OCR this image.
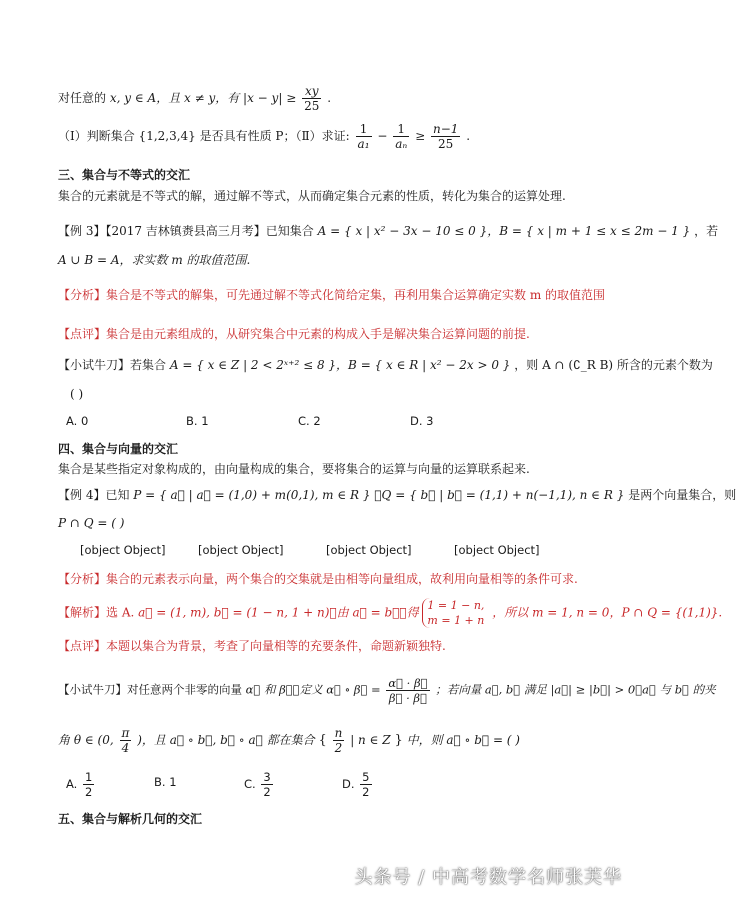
对任意的 x, y ∈ A，且 x ≠ y，有 $|x - y| \ge \frac{xy}{25}$ .
（Ⅰ）判断集合 {1,2,3,4} 是否具有性质 P；（Ⅱ）求证: $\frac{1}{\text{a₁}} - \frac{1}{\text{aₙ}} \ge \frac{n-1}{25}$ .
三、集合与不等式的交汇
集合的元素就是不等式的解，通过解不等式，从而确定集合元素的性质，转化为集合的运算处理.
【例 3】【2017 吉林镇赉县高三月考】已知集合 A = { x | x² − 3x − 10 ≤ 0 }，B = { x | m + 1 ≤ x ≤ 2m − 1 } ，若
A ∪ B = A，求实数 m 的取值范围.
【分析】集合是不等式的解集，可先通过解不等式化简给定集，再利用集合运算确定实数 m 的取值范围
【点评】集合是由元素组成的，从研究集合中元素的构成入手是解决集合运算问题的前提.
【小试牛刀】若集合 A = { x ∈ Z | 2 < 2ˣ⁺² ≤ 8 }，B = { x ∈ R | x² − 2x > 0 } ，则 A ∩ (∁_R B) 所含的元素个数为
( )
A. 0	B. 1	C. 2	D. 3
四、集合与向量的交汇
集合是某些指定对象构成的，由向量构成的集合，要将集合的运算与向量的运算联系起来.
【例 4】已知 P = { a⃗ | a⃗ = (1,0) + m(0,1), m ∈ R } ，Q = { b⃗ | b⃗ = (1,1) + n(−1,1), n ∈ R } 是两个向量集合，则
P ∩ Q = ( )
[object Object]	[object Object]	[object Object]	[object Object]
【分析】集合的元素表示向量，两个集合的交集就是由相等向量组成，故利用向量相等的条件可求.
【解析】选 A. a⃗ = (1, m), b⃗ = (1 − n, 1 + n)，由 a⃗ = b⃗，得 1 = 1 − n,
m = 1 + n ，所以 m = 1, n = 0，P ∩ Q = {(1,1)}.
【点评】本题以集合为背景，考查了向量相等的充要条件，命题新颖独特.
【小试牛刀】对任意两个非零的向量 α⃗ 和 β⃗，定义 α⃗ ∘ β⃗ = $\frac{\alpha⃗ \cdot \beta⃗}{\beta⃗ \cdot \beta⃗}$ ；若向量 a⃗, b⃗ 满足 |a⃗| ≥ |b⃗| > 0，a⃗ 与 b⃗ 的夹
角 θ ∈ (0, $\frac{\pi}{4}$ )，且 a⃗ ∘ b⃗, b⃗ ∘ a⃗ 都在集合 { $\frac{n}{2}$ | n ∈ Z } 中，则 a⃗ ∘ b⃗ = ( )
A. $\frac{1}{2}$	B. 1	C. $\frac{3}{2}$	D. $\frac{5}{2}$
五、集合与解析几何的交汇
头条号 / 中高考数学名师张芙华
